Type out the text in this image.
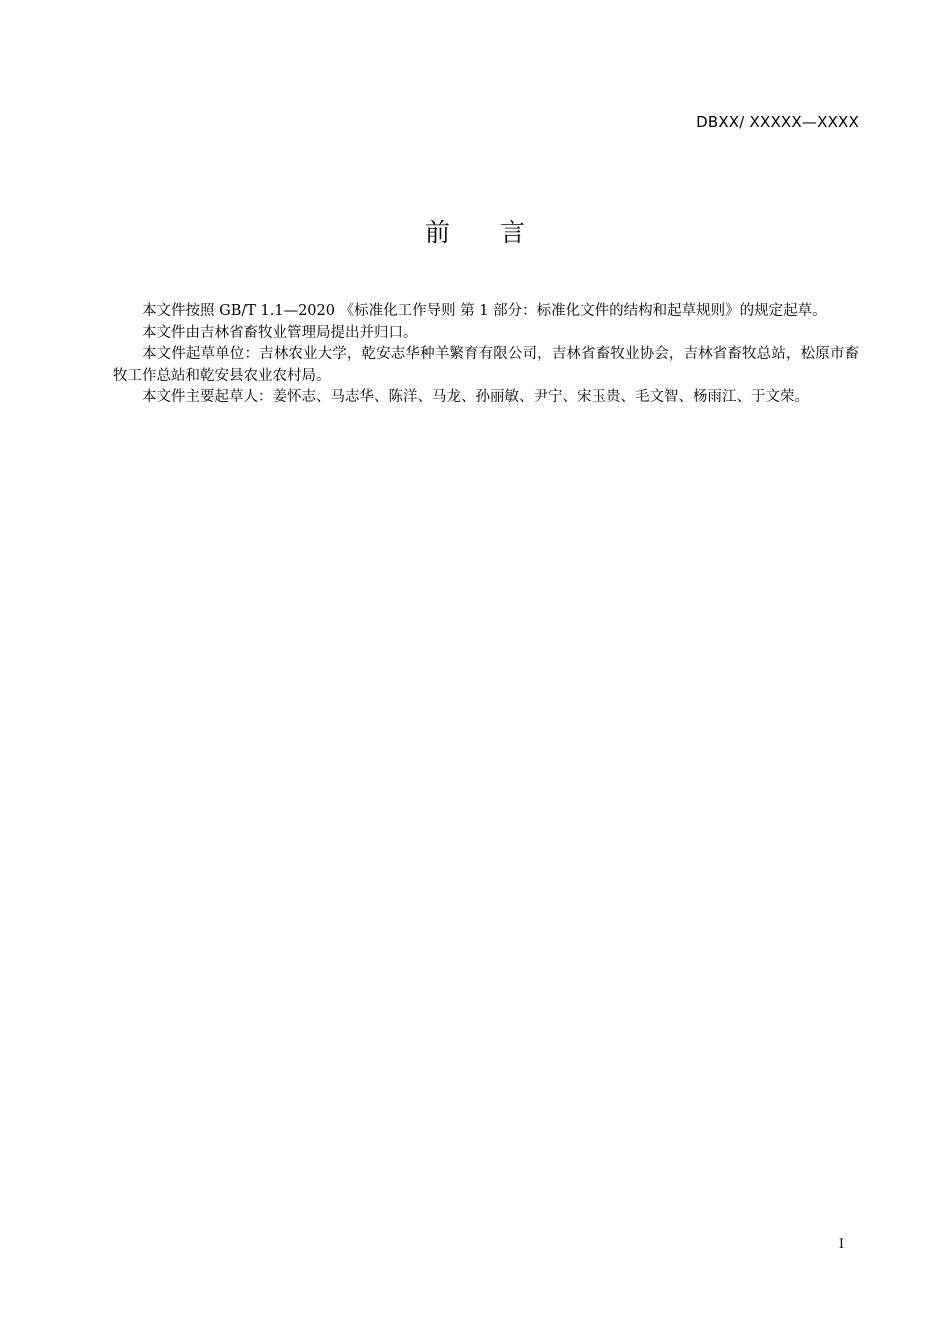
DBXX/ XXXXX—XXXX
前 言

本文件按照 GB/T 1.1—2020 《标准化工作导则 第 1 部分：标准化文件的结构和起草规则》的规定起草。

本文件由吉林省畜牧业管理局提出并归口。

本文件起草单位：吉林农业大学，乾安志华种羊繁育有限公司，吉林省畜牧业协会，吉林省畜牧总站，松原市畜牧工作总站和乾安县农业农村局。

本文件主要起草人：姜怀志、马志华、陈洋、马龙、孙丽敏、尹宁、宋玉贵、毛文智、杨雨江、于文荣。

I
